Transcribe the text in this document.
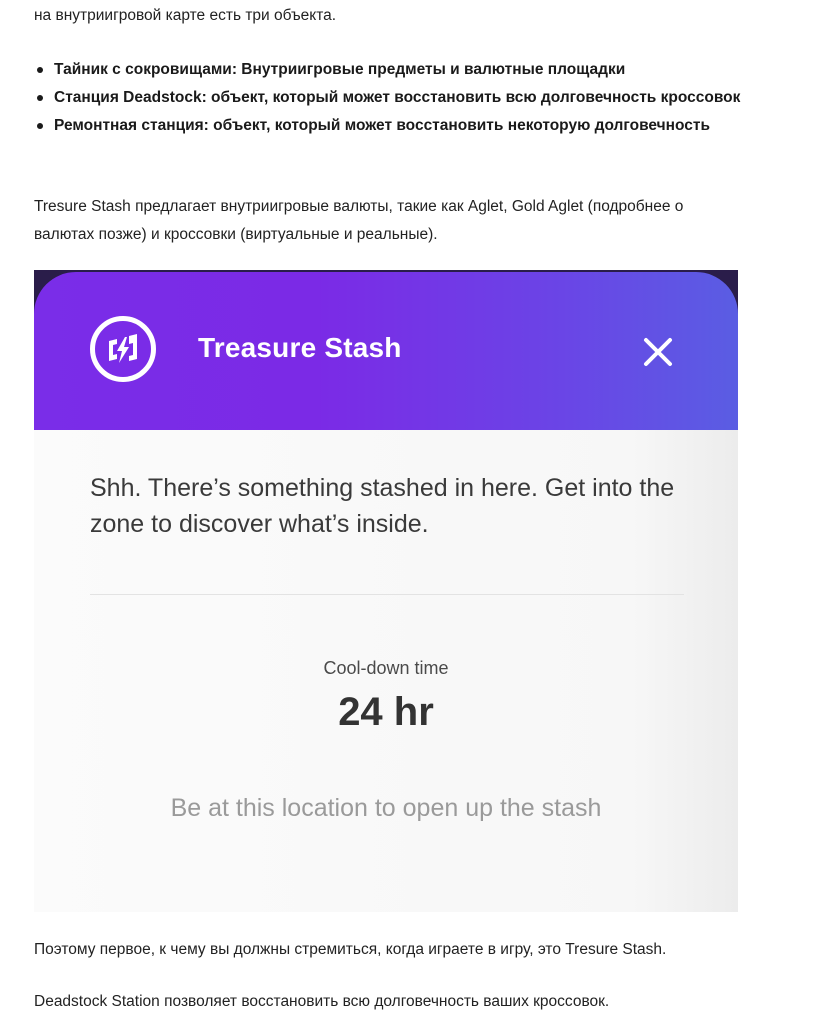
на внутриигровой карте есть три объекта.

Тайник с сокровищами: Внутриигровые предметы и валютные площадки
Станция Deadstock: объект, который может восстановить всю долговечность кроссовок
Ремонтная станция: объект, который может восстановить некоторую долговечность

Tresure Stash предлагает внутриигровые валюты, такие как Aglet, Gold Aglet (подробнее о валютах позже) и кроссовки (виртуальные и реальные).

Treasure Stash
Shh. There’s something stashed in here. Get into the zone to discover what’s inside.
Cool-down time
24 hr
Be at this location to open up the stash

Поэтому первое, к чему вы должны стремиться, когда играете в игру, это Tresure Stash.

Deadstock Station позволяет восстановить всю долговечность ваших кроссовок.
